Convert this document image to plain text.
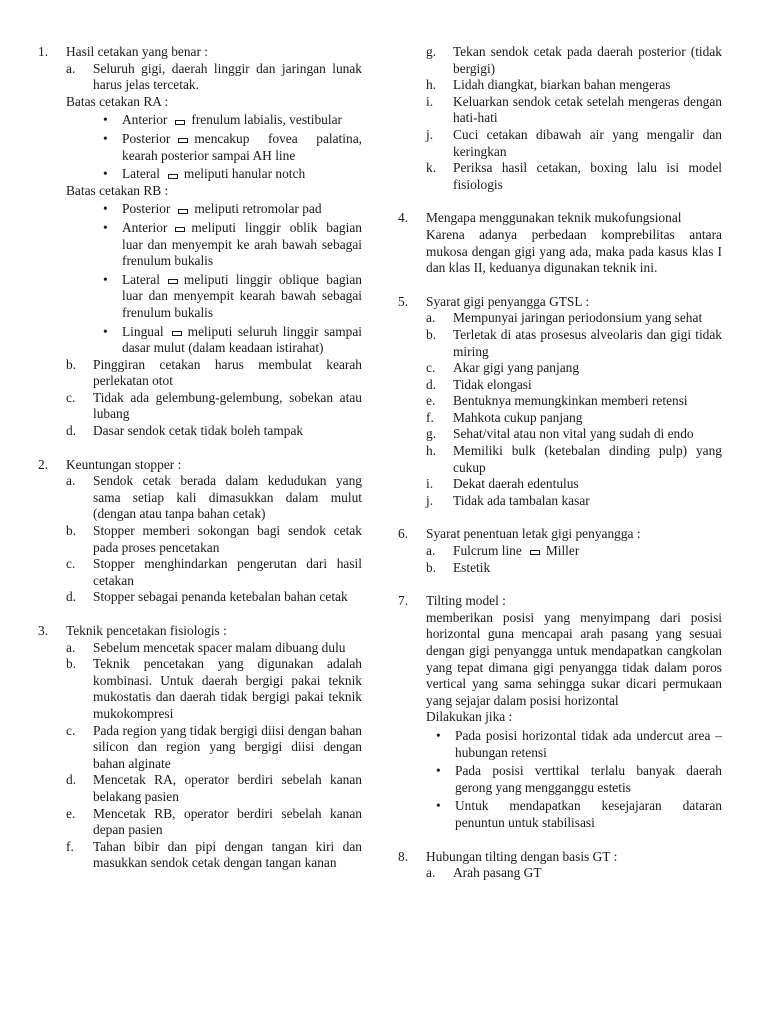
1. Hasil cetakan yang benar :
a. Seluruh gigi, daerah linggir dan jaringan lunak harus jelas tercetak.
Batas cetakan RA :
• Anterior frenulum labialis, vestibular
• Posterior mencakup fovea palatina, kearah posterior sampai AH line
• Lateral meliputi hanular notch
Batas cetakan RB :
• Posterior meliputi retromolar pad
• Anterior meliputi linggir oblik bagian luar dan menyempit ke arah bawah sebagai frenulum bukalis
• Lateral meliputi linggir oblique bagian luar dan menyempit kearah bawah sebagai frenulum bukalis
• Lingual meliputi seluruh linggir sampai dasar mulut (dalam keadaan istirahat)
b. Pinggiran cetakan harus membulat kearah perlekatan otot
c. Tidak ada gelembung-gelembung, sobekan atau lubang
d. Dasar sendok cetak tidak boleh tampak
2. Keuntungan stopper :
a. Sendok cetak berada dalam kedudukan yang sama setiap kali dimasukkan dalam mulut (dengan atau tanpa bahan cetak)
b. Stopper memberi sokongan bagi sendok cetak pada proses pencetakan
c. Stopper menghindarkan pengerutan dari hasil cetakan
d. Stopper sebagai penanda ketebalan bahan cetak
3. Teknik pencetakan fisiologis :
a. Sebelum mencetak spacer malam dibuang dulu
b. Teknik pencetakan yang digunakan adalah kombinasi. Untuk daerah bergigi pakai teknik mukostatis dan daerah tidak bergigi pakai teknik mukokompresi
c. Pada region yang tidak bergigi diisi dengan bahan silicon dan region yang bergigi diisi dengan bahan alginate
d. Mencetak RA, operator berdiri sebelah kanan belakang pasien
e. Mencetak RB, operator berdiri sebelah kanan depan pasien
f. Tahan bibir dan pipi dengan tangan kiri dan masukkan sendok cetak dengan tangan kanan
g. Tekan sendok cetak pada daerah posterior (tidak bergigi)
h. Lidah diangkat, biarkan bahan mengeras
i. Keluarkan sendok cetak setelah mengeras dengan hati-hati
j. Cuci cetakan dibawah air yang mengalir dan keringkan
k. Periksa hasil cetakan, boxing lalu isi model fisiologis
4. Mengapa menggunakan teknik mukofungsional
Karena adanya perbedaan komprebilitas antara mukosa dengan gigi yang ada, maka pada kasus klas I dan klas II, keduanya digunakan teknik ini.
5. Syarat gigi penyangga GTSL :
a. Mempunyai jaringan periodonsium yang sehat
b. Terletak di atas prosesus alveolaris dan gigi tidak miring
c. Akar gigi yang panjang
d. Tidak elongasi
e. Bentuknya memungkinkan memberi retensi
f. Mahkota cukup panjang
g. Sehat/vital atau non vital yang sudah di endo
h. Memiliki bulk (ketebalan dinding pulp) yang cukup
i. Dekat daerah edentulus
j. Tidak ada tambalan kasar
6. Syarat penentuan letak gigi penyangga :
a. Fulcrum line Miller
b. Estetik
7. Tilting model :
memberikan posisi yang menyimpang dari posisi horizontal guna mencapai arah pasang yang sesuai dengan gigi penyangga untuk mendapatkan cangkolan yang tepat dimana gigi penyangga tidak dalam poros vertical yang sama sehingga sukar dicari permukaan yang sejajar dalam posisi horizontal
Dilakukan jika :
• Pada posisi horizontal tidak ada undercut area – hubungan retensi
• Pada posisi verttikal terlalu banyak daerah gerong yang mengganggu estetis
• Untuk mendapatkan kesejajaran dataran penuntun untuk stabilisasi
8. Hubungan tilting dengan basis GT :
a. Arah pasang GT
